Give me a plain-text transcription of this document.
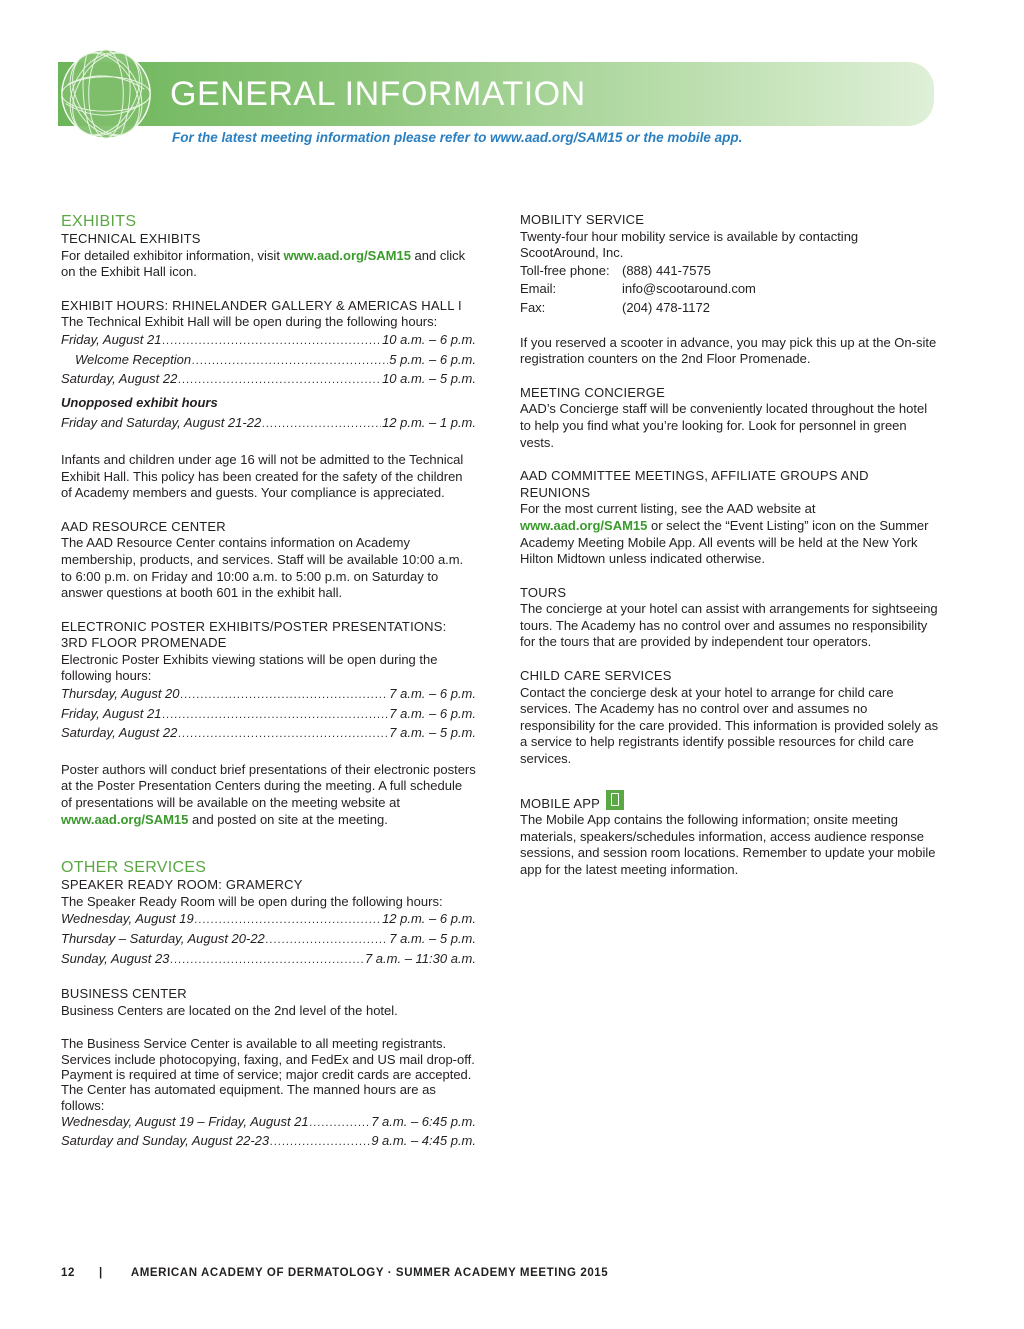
GENERAL INFORMATION

For the latest meeting information please refer to www.aad.org/SAM15 or the mobile app.

EXHIBITS
TECHNICAL EXHIBITS

For detailed exhibitor information, visit www.aad.org/SAM15 and click on the Exhibit Hall icon.

EXHIBIT HOURS: RHINELANDER GALLERY & AMERICAS HALL I

The Technical Exhibit Hall will be open during the following hours:

Friday, August 21 .....	10 a.m. – 6 p.m.
Welcome Reception .....	5 p.m. – 6 p.m.
Saturday, August 22 .....	10 a.m. – 5 p.m.
Unopposed exhibit hours
Friday and Saturday, August 21-22 .....	12 p.m. – 1 p.m.

Infants and children under age 16 will not be admitted to the Technical Exhibit Hall. This policy has been created for the safety of the children of Academy members and guests. Your compliance is appreciated.

AAD RESOURCE CENTER

The AAD Resource Center contains information on Academy membership, products, and services. Staff will be available 10:00 a.m. to 6:00 p.m. on Friday and 10:00 a.m. to 5:00 p.m. on Saturday to answer questions at booth 601 in the exhibit hall.

ELECTRONIC POSTER EXHIBITS/POSTER PRESENTATIONS: 3RD FLOOR PROMENADE

Electronic Poster Exhibits viewing stations will be open during the following hours:

Thursday, August 20 .....	7 a.m. – 6 p.m.
Friday, August 21 .....	7 a.m. – 6 p.m.
Saturday, August 22 .....	7 a.m. – 5 p.m.

Poster authors will conduct brief presentations of their electronic posters at the Poster Presentation Centers during the meeting. A full schedule of presentations will be available on the meeting website at www.aad.org/SAM15 and posted on site at the meeting.

OTHER SERVICES
SPEAKER READY ROOM: GRAMERCY

The Speaker Ready Room will be open during the following hours:

Wednesday, August 19 .....	12 p.m. – 6 p.m.
Thursday – Saturday, August 20-22 .....	7 a.m. – 5 p.m.
Sunday, August 23 .....	7 a.m. – 11:30 a.m.
BUSINESS CENTER

Business Centers are located on the 2nd level of the hotel.

The Business Service Center is available to all meeting registrants. Services include photocopying, faxing, and FedEx and US mail drop-off. Payment is required at time of service; major credit cards are accepted. The Center has automated equipment. The manned hours are as follows:

Wednesday, August 19 – Friday, August 21 .....	7 a.m. – 6:45 p.m.
Saturday and Sunday, August 22-23 .....	9 a.m. – 4:45 p.m.
MOBILITY SERVICE

Twenty-four hour mobility service is available by contacting ScootAround, Inc.

Toll-free phone: (888) 441-7575
Email:	info@scootaround.com
Fax:	(204) 478-1172

If you reserved a scooter in advance, you may pick this up at the On-site registration counters on the 2nd Floor Promenade.

MEETING CONCIERGE

AAD’s Concierge staff will be conveniently located throughout the hotel to help you find what you’re looking for. Look for personnel in green vests.

AAD COMMITTEE MEETINGS, AFFILIATE GROUPS AND REUNIONS

For the most current listing, see the AAD website at www.aad.org/SAM15 or select the “Event Listing” icon on the Summer Academy Meeting Mobile App. All events will be held at the New York Hilton Midtown unless indicated otherwise.

TOURS

The concierge at your hotel can assist with arrangements for sightseeing tours. The Academy has no control over and assumes no responsibility for the tours that are provided by independent tour operators.

CHILD CARE SERVICES

Contact the concierge desk at your hotel to arrange for child care services. The Academy has no control over and assumes no responsibility for the care provided. This information is provided solely as a service to help registrants identify possible resources for child care services.

MOBILE APP

The Mobile App contains the following information; onsite meeting materials, speakers/schedules information, access audience response sessions, and session room locations. Remember to update your mobile app for the latest meeting information.

12 | AMERICAN ACADEMY OF DERMATOLOGY · SUMMER ACADEMY MEETING 2015
